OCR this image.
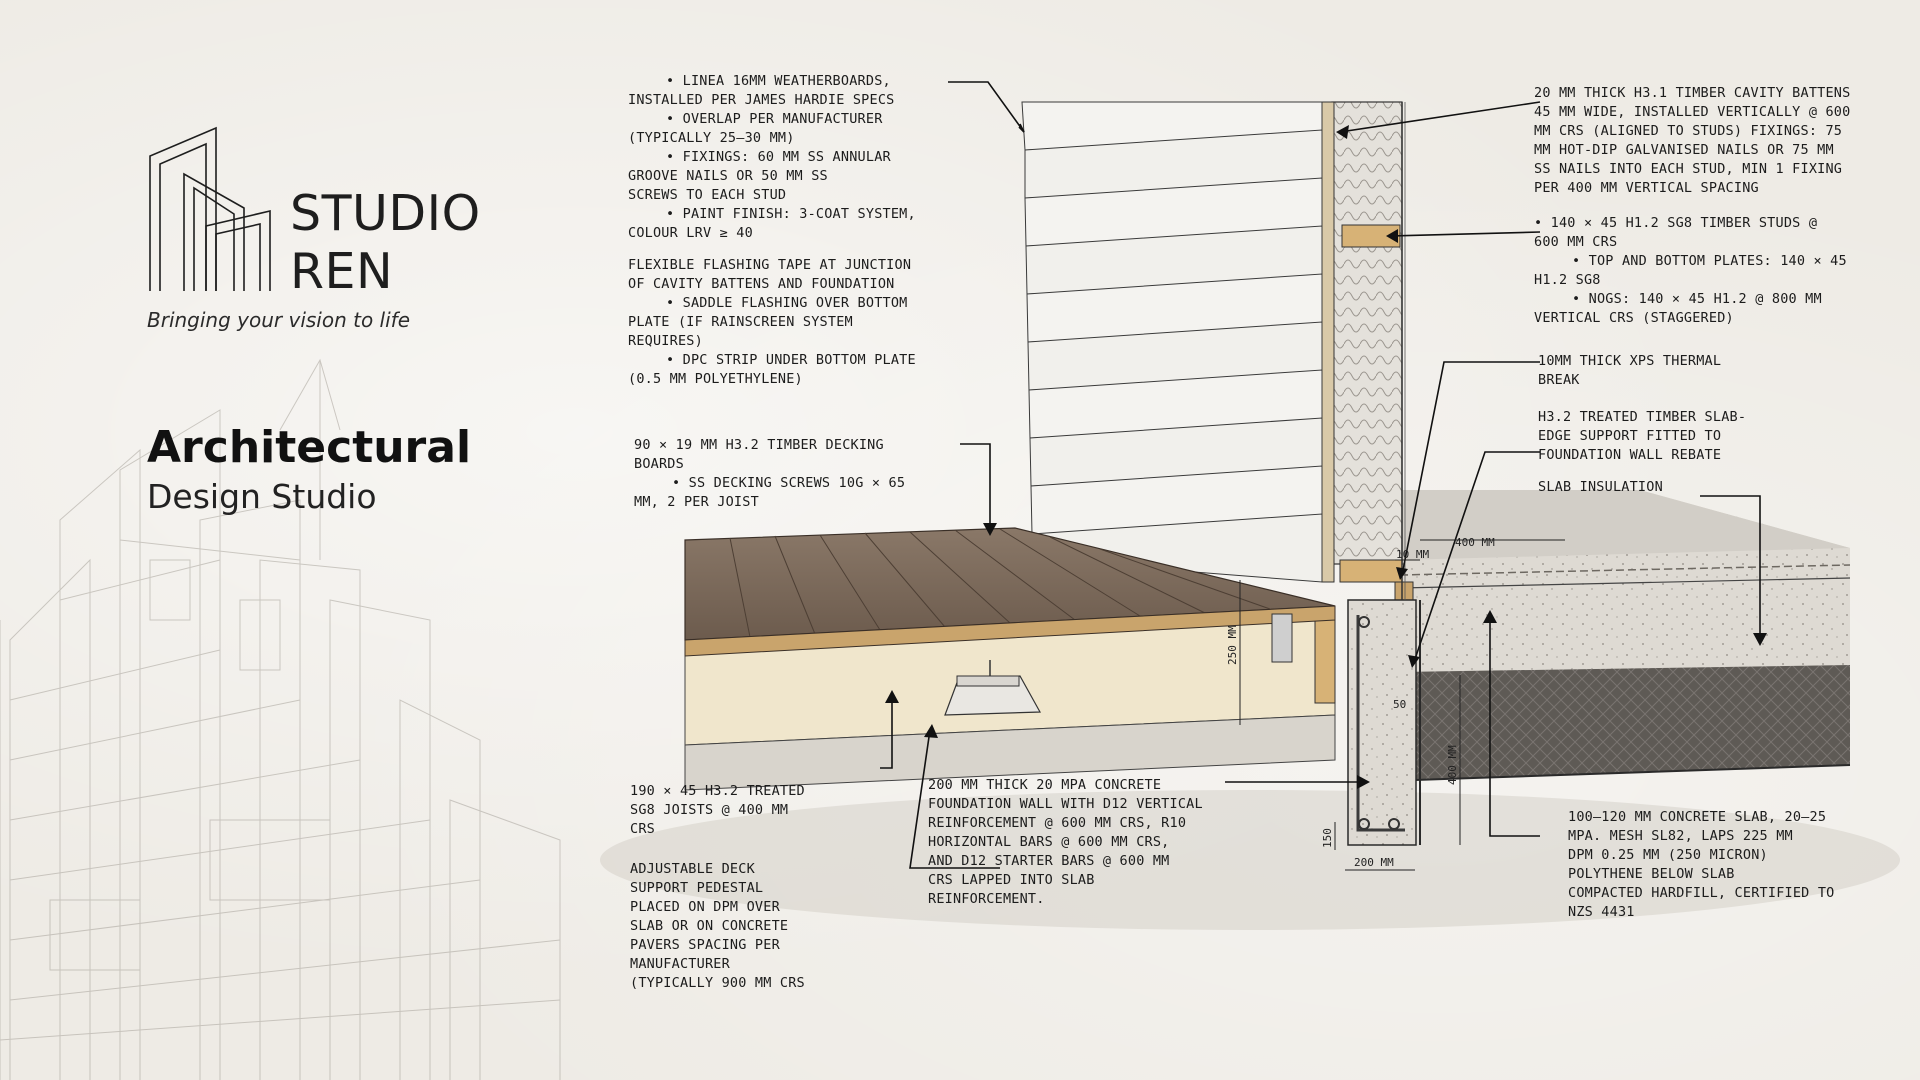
STUDIO
REN
Bringing your vision to life
Architectural
Design Studio
250 MM
400 MM
10 MM
50
400 MM
150
200 MM
• LINEA 16MM WEATHERBOARDS,
INSTALLED PER JAMES HARDIE SPECS
• OVERLAP PER MANUFACTURER
(TYPICALLY 25–30 MM)
• FIXINGS: 60 MM SS ANNULAR
GROOVE NAILS OR 50 MM SS
SCREWS TO EACH STUD
• PAINT FINISH: 3-COAT SYSTEM,
COLOUR LRV ≥ 40
FLEXIBLE FLASHING TAPE AT JUNCTION
OF CAVITY BATTENS AND FOUNDATION
• SADDLE FLASHING OVER BOTTOM
PLATE (IF RAINSCREEN SYSTEM
REQUIRES)
• DPC STRIP UNDER BOTTOM PLATE
(0.5 MM POLYETHYLENE)
90 × 19 MM H3.2 TIMBER DECKING
BOARDS
• SS DECKING SCREWS 10G × 65
MM, 2 PER JOIST
190 × 45 H3.2 TREATED
SG8 JOISTS @ 400 MM
CRS
ADJUSTABLE DECK
SUPPORT PEDESTAL
PLACED ON DPM OVER
SLAB OR ON CONCRETE
PAVERS SPACING PER
MANUFACTURER
(TYPICALLY 900 MM CRS
200 MM THICK 20 MPA CONCRETE
FOUNDATION WALL WITH D12 VERTICAL
REINFORCEMENT @ 600 MM CRS, R10
HORIZONTAL BARS @ 600 MM CRS,
AND D12 STARTER BARS @ 600 MM
CRS LAPPED INTO SLAB
REINFORCEMENT.
20 MM THICK H3.1 TIMBER CAVITY BATTENS
45 MM WIDE, INSTALLED VERTICALLY @ 600
MM CRS (ALIGNED TO STUDS) FIXINGS: 75
MM HOT-DIP GALVANISED NAILS OR 75 MM
SS NAILS INTO EACH STUD, MIN 1 FIXING
PER 400 MM VERTICAL SPACING
• 140 × 45 H1.2 SG8 TIMBER STUDS @
600 MM CRS
• TOP AND BOTTOM PLATES: 140 × 45
H1.2 SG8
• NOGS: 140 × 45 H1.2 @ 800 MM
VERTICAL CRS (STAGGERED)
10MM THICK XPS THERMAL
BREAK
H3.2 TREATED TIMBER SLAB-
EDGE SUPPORT FITTED TO
FOUNDATION WALL REBATE
SLAB INSULATION
100–120 MM CONCRETE SLAB, 20–25
MPA. MESH SL82, LAPS 225 MM
DPM 0.25 MM (250 MICRON)
POLYTHENE BELOW SLAB
COMPACTED HARDFILL, CERTIFIED TO
NZS 4431
